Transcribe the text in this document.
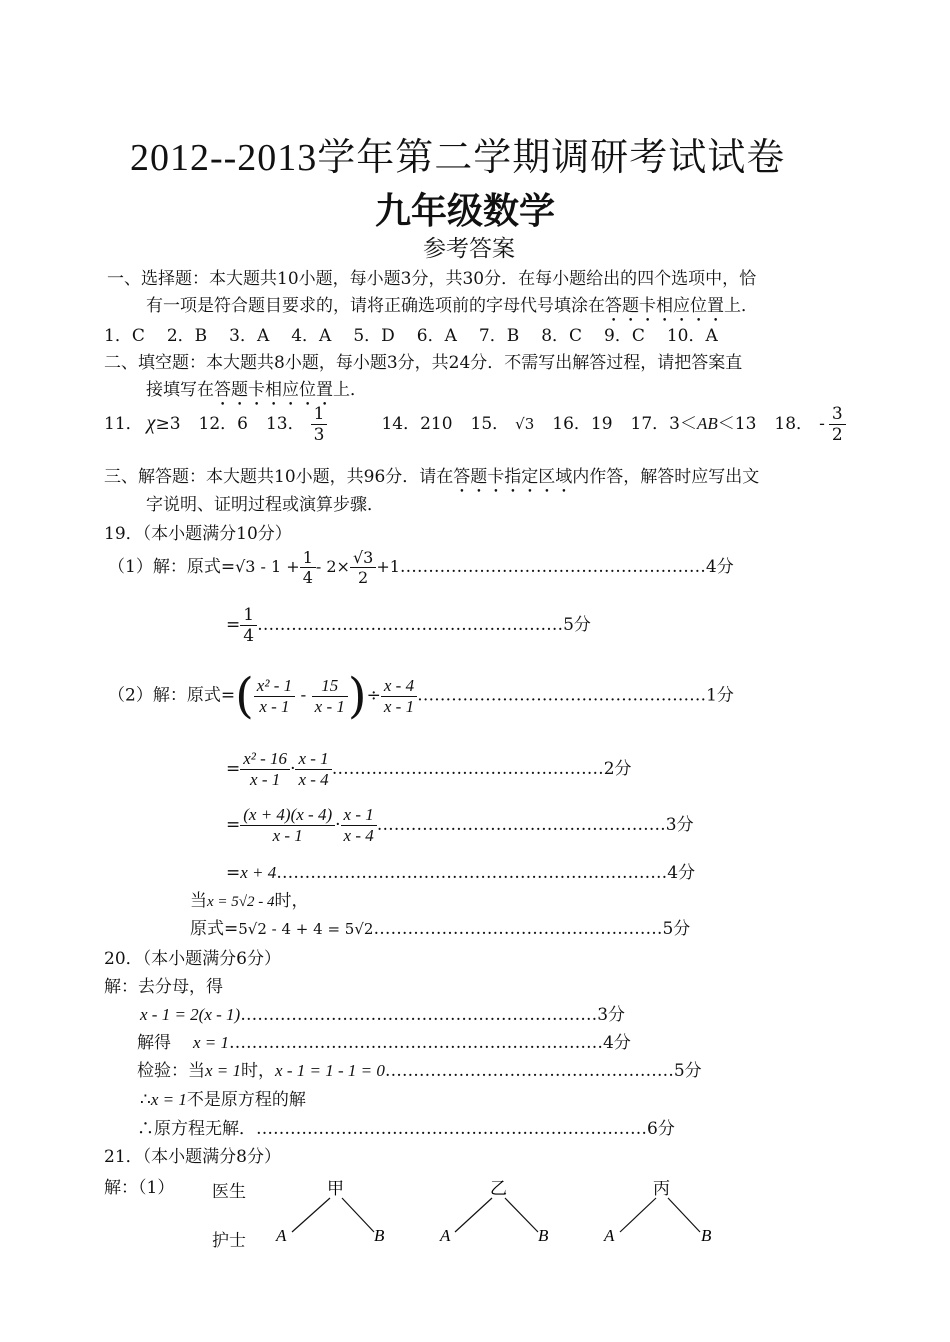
2012--2013学年第二学期调研考试试卷
九年级数学
参考答案
一、选择题：本大题共10小题，每小题3分，共30分．在每小题给出的四个选项中，恰
有一项是符合题目要求的，请将正确选项前的字母代号填涂在答题卡相应位置上．
1．C 2．B 3．A 4．A 5．D 6．A 7．B 8．C 9．C 10．A
二、填空题：本大题共8小题，每小题3分，共24分．不需写出解答过程，请把答案直
接填写在答题卡相应位置上．
11． χ≥3 12．6 13． $\frac{1}{3} 14$．210 15． √3 16．19 17．3＜AB＜13 18． - $\frac{3}{2}$
三、解答题：本大题共10小题，共96分．请在答题卡指定区域内作答，解答时应写出文
字说明、证明过程或演算步骤．
19．（本小题满分10分）
（1）解：原式$=√3 - 1 + \frac{1}{4} - 2\times \frac{√3}{2}$ +1………………………………………………4分
= $\frac{1}{4}$ ………………………………………………5分
（2）解：原式=( $\frac{\text{x² - 1}}{x - 1} - \frac{15}{x - 1}$ )÷ $\frac{x - 4}{x - 1}$ ……………………………………………1分
= $\frac{\text{x² - 16}}{x - 1} \cdot \frac{x - 1}{x - 4}$ …………………………………………2分
= $\frac{(x + 4)(x - 4)}{x - 1} \cdot \frac{x - 1}{x - 4}$ ……………………………………………3分
=x + 4……………………………………………………………4分
当x = 5√2 - 4时，
原式=5√2 - 4 + 4 = 5√2……………………………………………5分
20．（本小题满分6分）
解：去分母，得
x - 1 = 2(x - 1)………………………………………………………3分
解得 x = 1…………………………………………………………4分
检验：当x = 1时，x - 1 = 1 - 1 = 0……………………………………………5分
∴x = 1不是原方程的解
∴原方程无解．……………………………………………………………6分
21．（本小题满分8分）
解：（1） 医生
护士
甲
A	B
乙
A	B
丙
A	B
